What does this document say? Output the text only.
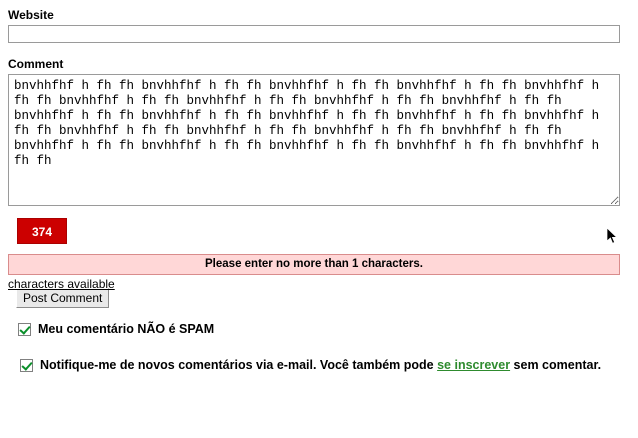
Website
Comment
bnvhhfhf h fh fh bnvhhfhf h fh fh bnvhhfhf h fh fh bnvhhfhf h fh fh bnvhhfhf h fh fh bnvhhfhf h fh fh bnvhhfhf h fh fh bnvhhfhf h fh fh bnvhhfhf h fh fh bnvhhfhf h fh fh bnvhhfhf h fh fh bnvhhfhf h fh fh bnvhhfhf h fh fh bnvhhfhf h fh fh bnvhhfhf h fh fh bnvhhfhf h fh fh bnvhhfhf h fh fh bnvhhfhf h fh fh bnvhhfhf h fh fh bnvhhfhf h fh fh bnvhhfhf h fh fh bnvhhfhf h fh fh bnvhhfhf h fh fh
374
Please enter no more than 1 characters.
characters available
Post Comment
Meu comentário NÃO é SPAM
Notifique-me de novos comentários via e-mail. Você também pode se inscrever sem comentar.
